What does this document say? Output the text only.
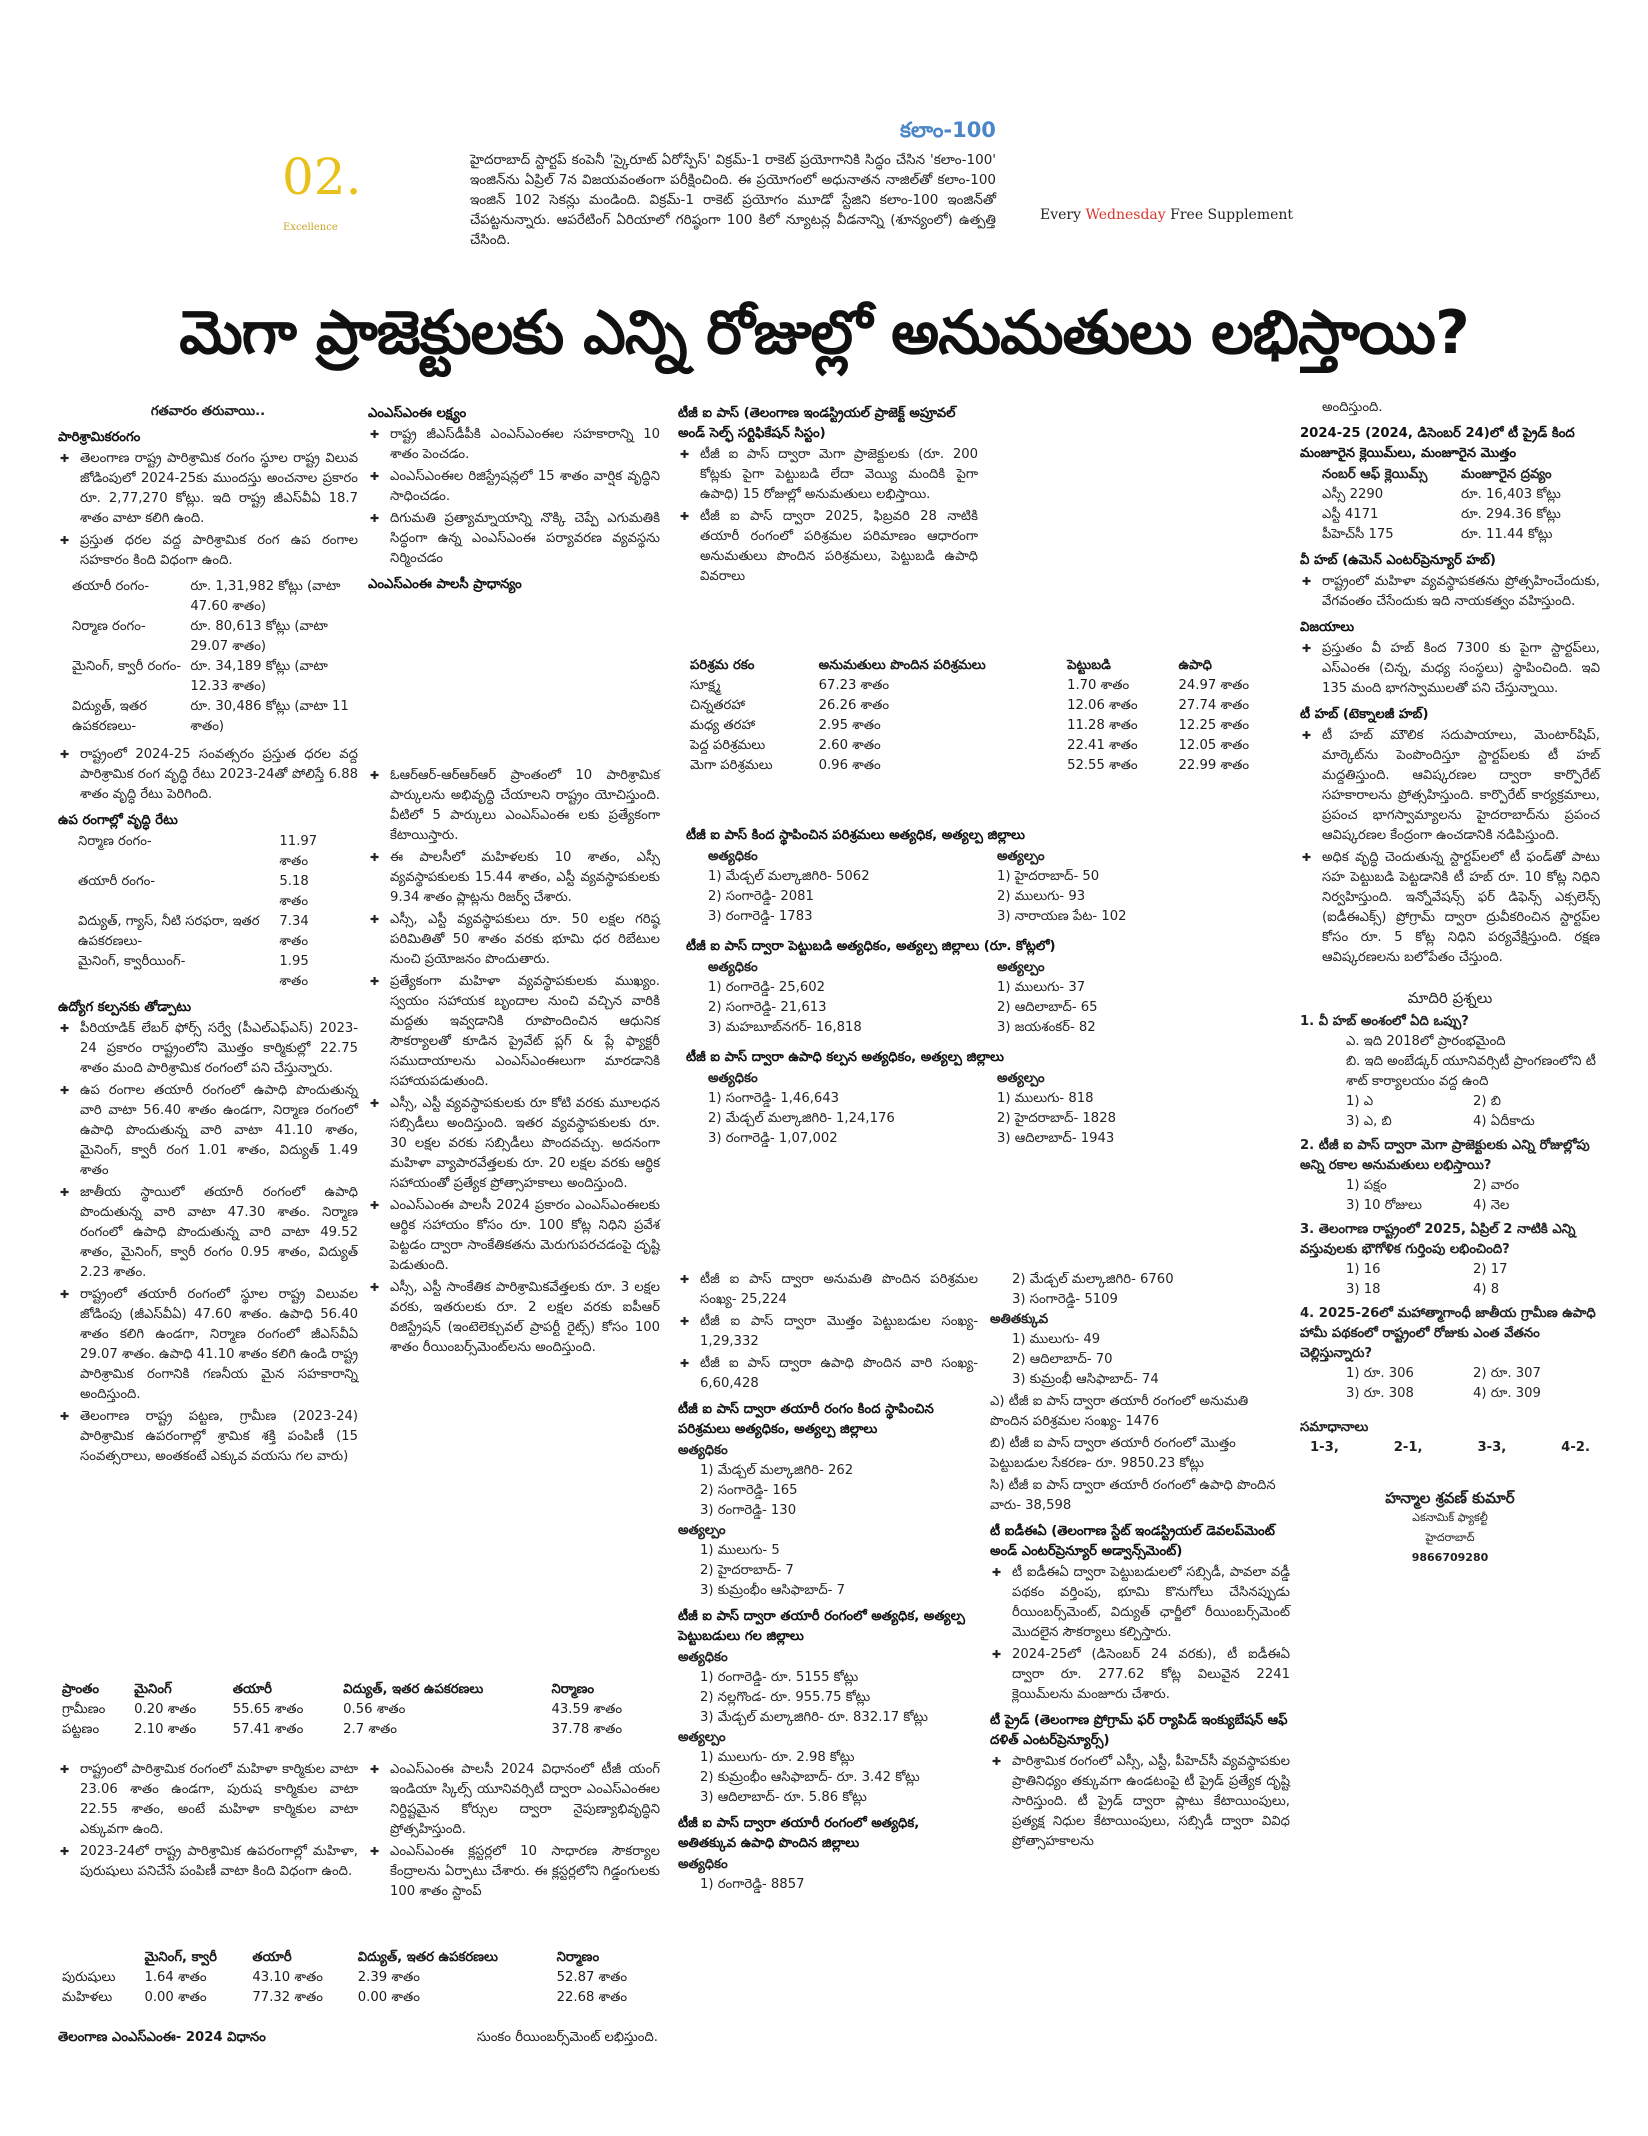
02.
Excellence
కలాం-100
హైదరాబాద్ స్టార్టప్ కంపెనీ 'స్కైరూట్ ఏరోస్పేస్' విక్రమ్-1 రాకెట్ ప్రయోగానికి సిద్ధం చేసిన 'కలాం-100' ఇంజిన్‌ను ఏప్రిల్ 7న విజయవంతంగా పరీక్షించింది. ఈ ప్రయోగంలో అధునాతన నాజిల్‌తో కలాం-100 ఇంజిన్ 102 సెకన్లు మండింది. విక్రమ్-1 రాకెట్ ప్రయోగం మూడో స్టేజిని కలాం-100 ఇంజిన్‌తో చేపట్టనున్నారు. ఆపరేటింగ్ ఏరియాలో గరిష్ఠంగా 100 కిలో న్యూటన్ల వీడనాన్ని (శూన్యంలో) ఉత్పత్తి చేసింది.
Every Wednesday Free Supplement
మెగా ప్రాజెక్టులకు ఎన్ని రోజుల్లో అనుమతులు లభిస్తాయి?
గతవారం తరువాయి..
పారిశ్రామికరంగం
✚ తెలంగాణ రాష్ట్ర పారిశ్రామిక రంగం స్థూల రాష్ట్ర విలువ జోడింపులో 2024-25కు ముందస్తు అంచనాల ప్రకారం రూ. 2,77,270 కోట్లు. ఇది రాష్ట్ర జీఎస్‌వీఏ 18.7 శాతం వాటా కలిగి ఉంది.
✚ ప్రస్తుత ధరల వద్ద పారిశ్రామిక రంగ ఉప రంగాల సహకారం కింది విధంగా ఉంది.
తయారీ రంగం-	రూ. 1,31,982 కోట్లు (వాటా 47.60 శాతం)
నిర్మాణ రంగం-	రూ. 80,613 కోట్లు (వాటా 29.07 శాతం)
మైనింగ్, క్వారీ రంగం-	రూ. 34,189 కోట్లు (వాటా 12.33 శాతం)
విద్యుత్, ఇతర ఉపకరణలు-	రూ. 30,486 కోట్లు (వాటా 11 శాతం)
✚ రాష్ట్రంలో 2024-25 సంవత్సరం ప్రస్తుత ధరల వద్ద పారిశ్రామిక రంగ వృద్ధి రేటు 2023-24తో పోలిస్తే 6.88 శాతం వృద్ధి రేటు పెరిగింది.
ఉప రంగాల్లో వృద్ధి రేటు
నిర్మాణ రంగం-	11.97 శాతం
తయారీ రంగం-	5.18 శాతం
విద్యుత్, గ్యాస్, నీటి సరఫరా, ఇతర ఉపకరణలు-	7.34 శాతం
మైనింగ్, క్వారీయింగ్-	1.95 శాతం
ఉద్యోగ కల్పనకు తోడ్పాటు
✚ పీరియాడిక్ లేబర్ ఫోర్స్ సర్వే (పీఎల్ఎఫ్ఎస్) 2023-24 ప్రకారం రాష్ట్రంలోని మొత్తం కార్మికుల్లో 22.75 శాతం మంది పారిశ్రామిక రంగంలో పని చేస్తున్నారు.
✚ ఉప రంగాల తయారీ రంగంలో ఉపాధి పొందుతున్న వారి వాటా 56.40 శాతం ఉండగా, నిర్మాణ రంగంలో ఉపాధి పొందుతున్న వారి వాటా 41.10 శాతం, మైనింగ్, క్వారీ రంగ 1.01 శాతం, విద్యుత్ 1.49 శాతం
✚ జాతీయ స్థాయిలో తయారీ రంగంలో ఉపాధి పొందుతున్న వారి వాటా 47.30 శాతం. నిర్మాణ రంగంలో ఉపాధి పొందుతున్న వారి వాటా 49.52 శాతం, మైనింగ్, క్వారీ రంగం 0.95 శాతం, విద్యుత్ 2.23 శాతం.
✚ రాష్ట్రంలో తయారీ రంగంలో స్థూల రాష్ట్ర విలువల జోడింపు (జీఎస్‌వీఏ) 47.60 శాతం. ఉపాధి 56.40 శాతం కలిగి ఉండగా, నిర్మాణ రంగంలో జీఎస్‌వీఏ 29.07 శాతం. ఉపాధి 41.10 శాతం కలిగి ఉండి రాష్ట్ర పారిశ్రామిక రంగానికి గణనీయ మైన సహకారాన్ని అందిస్తుంది.
✚ తెలంగాణ రాష్ట్ర పట్టణ, గ్రామీణ (2023-24) పారిశ్రామిక ఉపరంగాల్లో శ్రామిక శక్తి పంపిణీ (15 సంవత్సరాలు, అంతకంటే ఎక్కువ వయసు గల వారు)
ప్రాంతం	మైనింగ్	తయారీ	విద్యుత్, ఇతర ఉపకరణలు	నిర్మాణం
గ్రామీణం	0.20 శాతం	55.65 శాతం	0.56 శాతం	43.59 శాతం
పట్టణం	2.10 శాతం	57.41 శాతం	2.7 శాతం	37.78 శాతం
✚ రాష్ట్రంలో పారిశ్రామిక రంగంలో మహిళా కార్మికుల వాటా 23.06 శాతం ఉండగా, పురుష కార్మికుల వాటా 22.55 శాతం, అంటే మహిళా కార్మికుల వాటా ఎక్కువగా ఉంది.
✚ 2023-24లో రాష్ట్ర పారిశ్రామిక ఉపరంగాల్లో మహిళా, పురుషులు పనిచేసే పంపిణీ వాటా కింది విధంగా ఉంది.
	మైనింగ్, క్వారీ	తయారీ	విద్యుత్, ఇతర ఉపకరణలు	నిర్మాణం
పురుషులు	1.64 శాతం	43.10 శాతం	2.39 శాతం	52.87 శాతం
మహిళలు	0.00 శాతం	77.32 శాతం	0.00 శాతం	22.68 శాతం
తెలంగాణ ఎంఎస్ఎంఈ- 2024 విధానం	సుంకం రీయింబర్స్‌మెంట్ లభిస్తుంది.
ఎంఎస్ఎంఈ లక్ష్యం
✚ రాష్ట్ర జీఎస్‌డీపీకి ఎంఎస్ఎంఈల సహకారాన్ని 10 శాతం పెంచడం.
✚ ఎంఎస్ఎంఈల రిజిస్ట్రేషన్లలో 15 శాతం వార్షిక వృద్ధిని సాధించడం.
✚ దిగుమతి ప్రత్యామ్నాయాన్ని నొక్కి చెప్పే ఎగుమతికి సిద్ధంగా ఉన్న ఎంఎస్ఎంఈ పర్యావరణ వ్యవస్థను నిర్మించడం
ఎంఎస్ఎంఈ పాలసీ ప్రాధాన్యం
✚ ఓఆర్ఆర్-ఆర్ఆర్ఆర్ ప్రాంతంలో 10 పారిశ్రామిక పార్కులను అభివృద్ధి చేయాలని రాష్ట్రం యోచిస్తుంది. వీటిలో 5 పార్కులు ఎంఎస్ఎంఈ లకు ప్రత్యేకంగా కేటాయిస్తారు.
✚ ఈ పాలసీలో మహిళలకు 10 శాతం, ఎస్సీ వ్యవస్థాపకులకు 15.44 శాతం, ఎస్టీ వ్యవస్థాపకులకు 9.34 శాతం ప్లాట్లను రిజర్వ్ చేశారు.
✚ ఎస్సీ, ఎస్టీ వ్యవస్థాపకులు రూ. 50 లక్షల గరిష్ఠ పరిమితితో 50 శాతం వరకు భూమి ధర రిబేటుల నుంచి ప్రయోజనం పొందుతారు.
✚ ప్రత్యేకంగా మహిళా వ్యవస్థాపకులకు ముఖ్యం. స్వయం సహాయక బృందాల నుంచి వచ్చిన వారికి మద్దతు ఇవ్వడానికి రూపొందించిన ఆధునిక సౌకర్యాలతో కూడిన ప్రైవేట్ ప్లగ్ & ప్లే ఫ్యాక్టరీ సముదాయాలను ఎంఎస్ఎంఈలుగా మారడానికి సహాయపడుతుంది.
✚ ఎస్సీ, ఎస్టీ వ్యవస్థాపకులకు రూ కోటి వరకు మూలధన సబ్సిడీలు అందిస్తుంది. ఇతర వ్యవస్థాపకులకు రూ. 30 లక్షల వరకు సబ్సిడీలు పొందవచ్చు. అదనంగా మహిళా వ్యాపారవేత్తలకు రూ. 20 లక్షల వరకు ఆర్థిక సహాయంతో ప్రత్యేక ప్రోత్సాహకాలు అందిస్తుంది.
✚ ఎంఎస్ఎంఈ పాలసీ 2024 ప్రకారం ఎంఎస్ఎంఈలకు ఆర్థిక సహాయం కోసం రూ. 100 కోట్ల నిధిని ప్రవేశ పెట్టడం ద్వారా సాంకేతికతను మెరుగుపరచడంపై దృష్టి పెడుతుంది.
✚ ఎస్సీ, ఎస్టీ సాంకేతిక పారిశ్రామికవేత్తలకు రూ. 3 లక్షల వరకు, ఇతరులకు రూ. 2 లక్షల వరకు ఐపీఆర్ రిజిస్ట్రేషన్ (ఇంటెలెక్చువల్ ప్రాపర్టీ రైట్స్) కోసం 100 శాతం రీయింబర్స్‌మెంట్‌లను అందిస్తుంది.
✚ ఎంఎస్ఎంఈ పాలసీ 2024 విధానంలో టీజీ యంగ్ ఇండియా స్కిల్స్ యూనివర్సిటీ ద్వారా ఎంఎస్ఎంఈల నిర్దిష్టమైన కోర్సుల ద్వారా నైపుణ్యాభివృద్ధిని ప్రోత్సహిస్తుంది.
✚ ఎంఎస్ఎంఈ క్లస్టర్లలో 10 సాధారణ సౌకర్యాల కేంద్రాలను ఏర్పాటు చేశారు. ఈ క్లస్టర్లలోని గిడ్డంగులకు 100 శాతం స్టాంప్
టీజీ ఐ పాస్ (తెలంగాణ ఇండస్ట్రియల్ ప్రాజెక్ట్ అప్రూవల్ అండ్ సెల్ఫ్ సర్టిఫికేషన్ సిస్టం)
✚ టీజీ ఐ పాస్ ద్వారా మెగా ప్రాజెక్టులకు (రూ. 200 కోట్లకు పైగా పెట్టుబడి లేదా వెయ్యి మందికి పైగా ఉపాధి) 15 రోజుల్లో అనుమతులు లభిస్తాయి.
✚ టీజీ ఐ పాస్ ద్వారా 2025, ఫిబ్రవరి 28 నాటికి తయారీ రంగంలో పరిశ్రమల పరిమాణం ఆధారంగా అనుమతులు పొందిన పరిశ్రమలు, పెట్టుబడి ఉపాధి వివరాలు
పరిశ్రమ రకం	అనుమతులు పొందిన పరిశ్రమలు	పెట్టుబడి	ఉపాధి
సూక్ష్మ	67.23 శాతం	1.70 శాతం	24.97 శాతం
చిన్నతరహా	26.26 శాతం	12.06 శాతం	27.74 శాతం
మధ్య తరహా	2.95 శాతం	11.28 శాతం	12.25 శాతం
పెద్ద పరిశ్రమలు	2.60 శాతం	22.41 శాతం	12.05 శాతం
మెగా పరిశ్రమలు	0.96 శాతం	52.55 శాతం	22.99 శాతం
టీజీ ఐ పాస్ కింద స్థాపించిన పరిశ్రమలు అత్యధిక, అత్యల్ప జిల్లాలు
అత్యధికం
1) మేడ్చల్ మల్కాజిగిరి- 5062
2) సంగారెడ్డి- 2081
3) రంగారెడ్డి- 1783
అత్యల్పం
1) హైదరాబాద్- 50
2) ములుగు- 93
3) నారాయణ పేట- 102
టీజీ ఐ పాస్ ద్వారా పెట్టుబడి అత్యధికం, అత్యల్ప జిల్లాలు (రూ. కోట్లలో)
అత్యధికం
1) రంగారెడ్డి- 25,602
2) సంగారెడ్డి- 21,613
3) మహబూబ్‌నగర్- 16,818
అత్యల్పం
1) ములుగు- 37
2) ఆదిలాబాద్- 65
3) జయశంకర్- 82
టీజీ ఐ పాస్ ద్వారా ఉపాధి కల్పన అత్యధికం, అత్యల్ప జిల్లాలు
అత్యధికం
1) సంగారెడ్డి- 1,46,643
2) మేడ్చల్ మల్కాజిగిరి- 1,24,176
3) రంగారెడ్డి- 1,07,002
అత్యల్పం
1) ములుగు- 818
2) హైదరాబాద్- 1828
3) ఆదిలాబాద్- 1943
✚ టీజీ ఐ పాస్ ద్వారా అనుమతి పొందిన పరిశ్రమల సంఖ్య- 25,224
✚ టీజీ ఐ పాస్ ద్వారా మొత్తం పెట్టుబడుల సంఖ్య- 1,29,332
✚ టీజీ ఐ పాస్ ద్వారా ఉపాధి పొందిన వారి సంఖ్య- 6,60,428
టీజీ ఐ పాస్ ద్వారా తయారీ రంగం కింద స్థాపించిన పరిశ్రమలు అత్యధికం, అత్యల్ప జిల్లాలు
అత్యధికం
1) మేడ్చల్ మల్కాజిగిరి- 262
2) సంగారెడ్డి- 165
3) రంగారెడ్డి- 130
అత్యల్పం
1) ములుగు- 5
2) హైదరాబాద్- 7
3) కుమ్రంభీం ఆసిఫాబాద్- 7
టీజీ ఐ పాస్ ద్వారా తయారీ రంగంలో అత్యధిక, అత్యల్ప పెట్టుబడులు గల జిల్లాలు
అత్యధికం
1) రంగారెడ్డి- రూ. 5155 కోట్లు
2) నల్లగొండ- రూ. 955.75 కోట్లు
3) మేడ్చల్ మల్కాజిగిరి- రూ. 832.17 కోట్లు
అత్యల్పం
1) ములుగు- రూ. 2.98 కోట్లు
2) కుమ్రంభీం ఆసిఫాబాద్- రూ. 3.42 కోట్లు
3) ఆదిలాబాద్- రూ. 5.86 కోట్లు
టీజీ ఐ పాస్ ద్వారా తయారీ రంగంలో అత్యధిక, అతితక్కువ ఉపాధి పొందిన జిల్లాలు
అత్యధికం
1) రంగారెడ్డి- 8857
2) మేడ్చల్ మల్కాజిగిరి- 6760
3) సంగారెడ్డి- 5109
అతితక్కువ
1) ములుగు- 49
2) ఆదిలాబాద్- 70
3) కుమ్రంభీ ఆసిఫాబాద్- 74
ఎ) టీజీ ఐ పాస్ ద్వారా తయారీ రంగంలో అనుమతి పొందిన పరిశ్రమల సంఖ్య- 1476
బి) టీజీ ఐ పాస్ ద్వారా తయారీ రంగంలో మొత్తం పెట్టుబడుల సేకరణ- రూ. 9850.23 కోట్లు
సి) టీజీ ఐ పాస్ ద్వారా తయారీ రంగంలో ఉపాధి పొందిన వారు- 38,598
టీ ఐడీఈఏ (తెలంగాణ స్టేట్ ఇండస్ట్రియల్ డెవలప్‌మెంట్ అండ్ ఎంటర్‌ప్రెన్యూర్ అడ్వాన్స్‌మెంట్)
✚ టీ ఐడీఈఏ ద్వారా పెట్టుబడులలో సబ్సిడీ, పావలా వడ్డీ పథకం వర్తింపు, భూమి కొనుగోలు చేసినప్పుడు రీయింబర్స్‌మెంట్, విద్యుత్ ఛార్జీలో రీయింబర్స్‌మెంట్ మొదలైన సౌకర్యాలు కల్పిస్తారు.
✚ 2024-25లో (డిసెంబర్ 24 వరకు), టీ ఐడీఈఏ ద్వారా రూ. 277.62 కోట్ల విలువైన 2241 క్లెయిమ్‌లను మంజూరు చేశారు.
టీ ప్రైడ్ (తెలంగాణ ప్రోగ్రామ్ ఫర్ ర్యాపిడ్ ఇంక్యుబేషన్ ఆఫ్ దళిత్ ఎంటర్‌ప్రెన్యూర్స్)
✚ పారిశ్రామిక రంగంలో ఎస్సీ, ఎస్టీ, పీహెచ్‌సీ వ్యవస్థాపకుల ప్రాతినిధ్యం తక్కువగా ఉండటంపై టీ ప్రైడ్ ప్రత్యేక దృష్టి సారిస్తుంది. టీ ప్రైడ్ ద్వారా ప్లాటు కేటాయింపులు, ప్రత్యక్ష నిధుల కేటాయింపులు, సబ్సిడీ ద్వారా వివిధ ప్రోత్సాహకాలను
అందిస్తుంది.
2024-25 (2024, డిసెంబర్ 24)లో టీ ప్రైడ్ కింద మంజూరైన క్లెయిమ్‌లు, మంజూరైన మొత్తం
నంబర్ ఆఫ్ క్లెయిమ్స్	మంజూరైన ద్రవ్యం
ఎస్సీ 2290	రూ. 16,403 కోట్లు
ఎస్టీ 4171	రూ. 294.36 కోట్లు
పీహెచ్‌సీ 175	రూ. 11.44 కోట్లు
వీ హబ్ (ఉమెన్ ఎంటర్‌ప్రెన్యూర్ హబ్)
✚ రాష్ట్రంలో మహిళా వ్యవస్థాపకతను ప్రోత్సహించేందుకు, వేగవంతం చేసేందుకు ఇది నాయకత్వం వహిస్తుంది.
విజయాలు
✚ ప్రస్తుతం వీ హబ్ కింద 7300 కు పైగా స్టార్టప్‌లు, ఎస్ఎంఈ (చిన్న, మధ్య సంస్థలు) స్థాపించింది. ఇవి 135 మంది భాగస్వాములతో పని చేస్తున్నాయి.
టీ హబ్ (టెక్నాలజీ హబ్)
✚ టీ హబ్ మౌలిక సదుపాయాలు, మెంటార్‌షిప్, మార్కెట్‌ను పెంపొందిస్తూ స్టార్టప్‌లకు టీ హబ్ మద్దతిస్తుంది. ఆవిష్కరణల ద్వారా కార్పొరేట్ సహకారాలను ప్రోత్సహిస్తుంది. కార్పొరేట్ కార్యక్రమాలు, ప్రపంచ భాగస్వామ్యాలను హైదరాబాద్‌ను ప్రపంచ ఆవిష్కరణల కేంద్రంగా ఉంచడానికి నడిపిస్తుంది.
✚ అధిక వృద్ధి చెందుతున్న స్టార్టప్‌లలో టీ ఫండ్‌తో పాటు సహ పెట్టుబడి పెట్టడానికి టీ హబ్ రూ. 10 కోట్ల నిధిని నిర్వహిస్తుంది. ఇన్నోవేషన్స్ ఫర్ డిఫెన్స్ ఎక్సలెన్స్ (ఐడీఈఎక్స్) ప్రోగ్రామ్ ద్వారా ద్రువీకరించిన స్టార్టప్‌ల కోసం రూ. 5 కోట్ల నిధిని పర్యవేక్షిస్తుంది. రక్షణ ఆవిష్కరణలను బలోపేతం చేస్తుంది.
మాదిరి ప్రశ్నలు
1. వీ హబ్ అంశంలో ఏది ఒప్పు?
ఎ. ఇది 2018లో ప్రారంభమైంది
బి. ఇది అంబేడ్కర్ యూనివర్సిటీ ప్రాంగణంలోని టీ శాట్ కార్యాలయం వద్ద ఉంది
1) ఎ	2) బి
3) ఎ, బి	4) ఏదీకాదు
2. టీజీ ఐ పాస్ ద్వారా మెగా ప్రాజెక్టులకు ఎన్ని రోజుల్లోపు అన్ని రకాల అనుమతులు లభిస్తాయి?
1) పక్షం	2) వారం
3) 10 రోజులు	4) నెల
3. తెలంగాణ రాష్ట్రంలో 2025, ఏప్రిల్ 2 నాటికి ఎన్ని వస్తువులకు భౌగోళిక గుర్తింపు లభించింది?
1) 16	2) 17
3) 18	4) 8
4. 2025-26లో మహాత్మాగాంధీ జాతీయ గ్రామీణ ఉపాధి హామీ పథకంలో రాష్ట్రంలో రోజుకు ఎంత వేతనం చెల్లిస్తున్నారు?
1) రూ. 306	2) రూ. 307
3) రూ. 308	4) రూ. 309
సమాధానాలు
1-3,	2-1,	3-3,	4-2.
హన్మాల శ్రవణ్ కుమార్
ఎకనామిక్ ఫ్యాకల్టీ
హైదరాబాద్
9866709280
